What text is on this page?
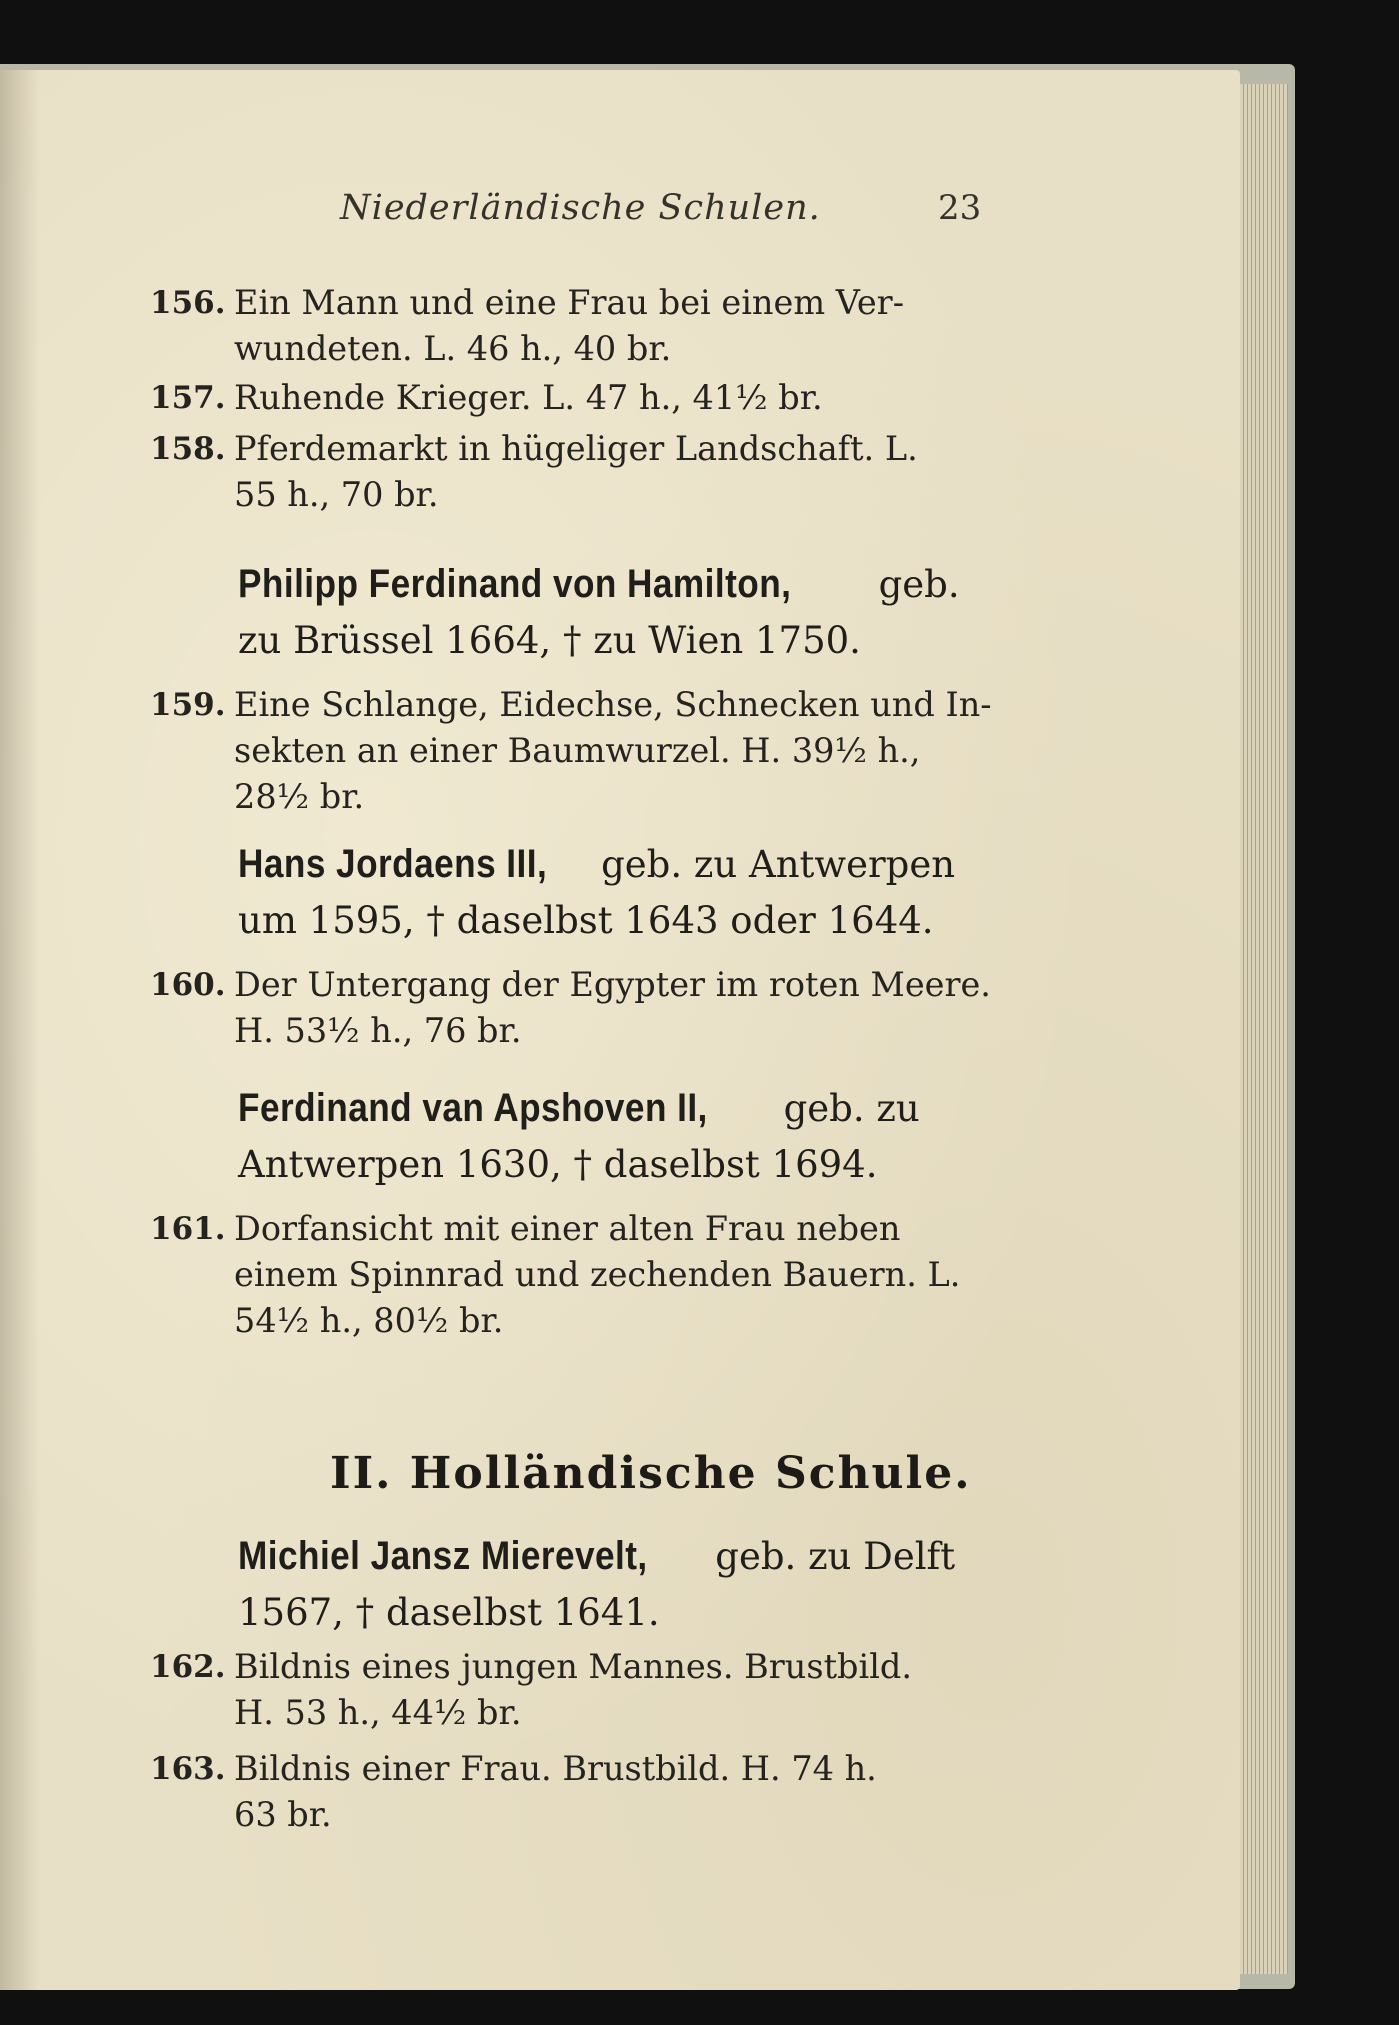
Niederländische Schulen.	23
156. Ein Mann und eine Frau bei einem Ver-
wundeten. L. 46 h., 40 br.
157. Ruhende Krieger. L. 47 h., 41½ br.
158. Pferdemarkt in hügeliger Landschaft. L.
55 h., 70 br.
Philipp Ferdinand von Hamilton, geb.
zu Brüssel 1664, † zu Wien 1750.
159. Eine Schlange, Eidechse, Schnecken und In-
sekten an einer Baumwurzel. H. 39½ h.,
28½ br.
Hans Jordaens III, geb. zu Antwerpen
um 1595, † daselbst 1643 oder 1644.
160. Der Untergang der Egypter im roten Meere.
H. 53½ h., 76 br.
Ferdinand van Apshoven II, geb. zu
Antwerpen 1630, † daselbst 1694.
161. Dorfansicht mit einer alten Frau neben
einem Spinnrad und zechenden Bauern. L.
54½ h., 80½ br.
II. Holländische Schule.
Michiel Jansz Mierevelt, geb. zu Delft
1567, † daselbst 1641.
162. Bildnis eines jungen Mannes. Brustbild.
H. 53 h., 44½ br.
163. Bildnis einer Frau. Brustbild. H. 74 h.
63 br.
